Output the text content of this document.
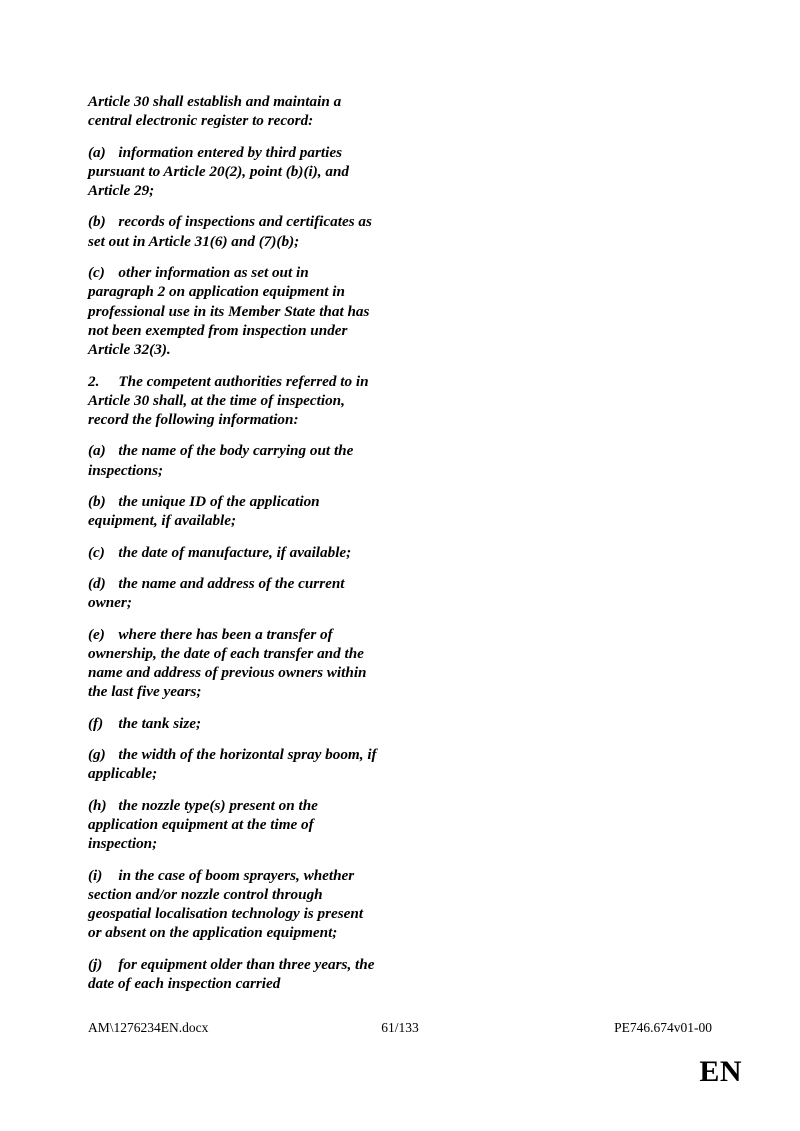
Article 30 shall establish and maintain a central electronic register to record:

(a)	information entered by third parties pursuant to Article 20(2), point (b)(i), and Article 29;

(b)	records of inspections and certificates as set out in Article 31(6) and (7)(b);

(c)	other information as set out in paragraph 2 on application equipment in professional use in its Member State that has not been exempted from inspection under Article 32(3).

2.	The competent authorities referred to in Article 30 shall, at the time of inspection, record the following information:

(a)	the name of the body carrying out the inspections;

(b)	the unique ID of the application equipment, if available;

(c)	the date of manufacture, if available;

(d)	the name and address of the current owner;

(e)	where there has been a transfer of ownership, the date of each transfer and the name and address of previous owners within the last five years;

(f)	the tank size;

(g)	the width of the horizontal spray boom, if applicable;

(h)	the nozzle type(s) present on the application equipment at the time of inspection;

(i)	in the case of boom sprayers, whether section and/or nozzle control through geospatial localisation technology is present or absent on the application equipment;

(j)	for equipment older than three years, the date of each inspection carried

AM\1276234EN.docx	61/133	PE746.674v01-00
EN
